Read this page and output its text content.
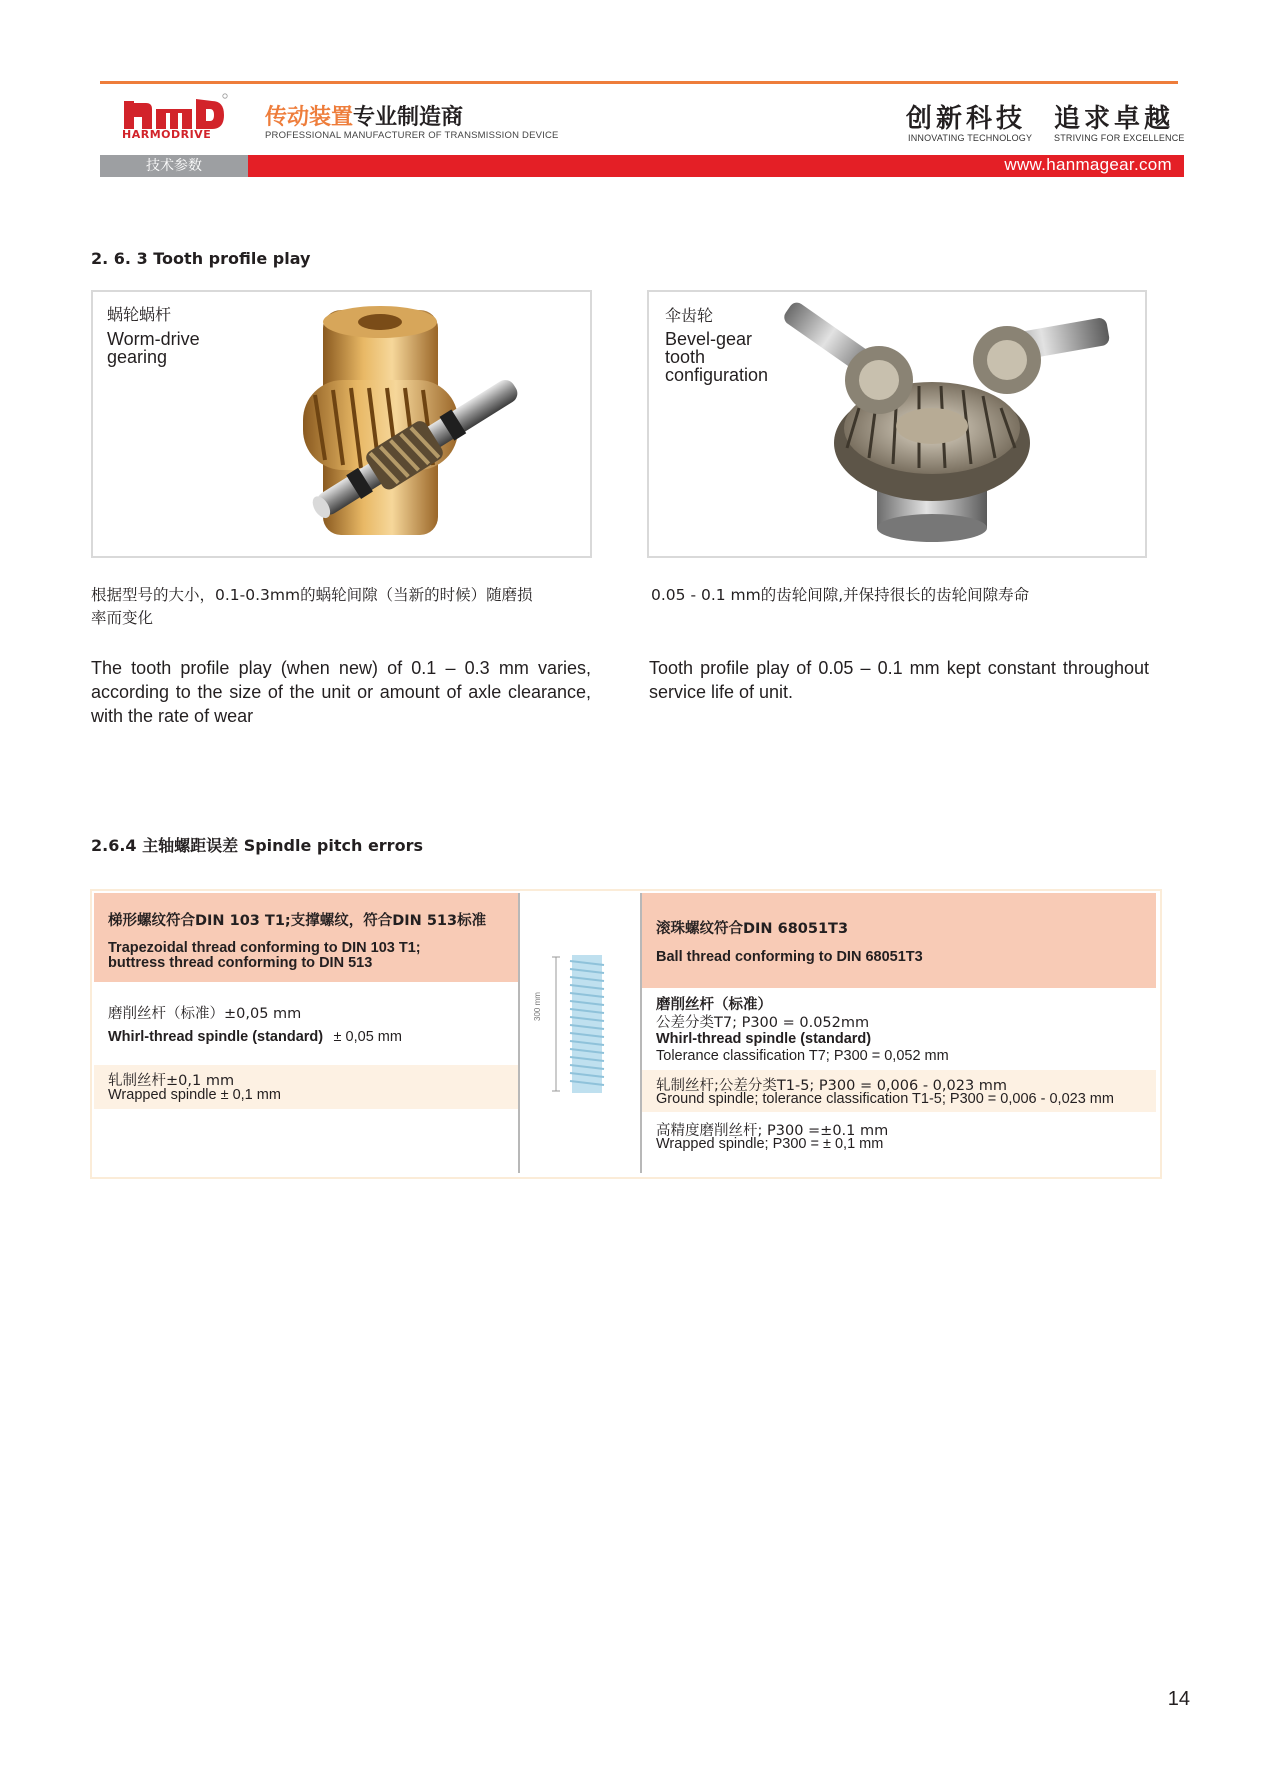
HARMODRIVE
传动装置专业制造商
PROFESSIONAL MANUFACTURER OF TRANSMISSION DEVICE
创新科技
INNOVATING TECHNOLOGY
追求卓越
STRIVING FOR EXCELLENCE
技术参数	www.hanmagear.com
2. 6. 3 Tooth profile play
蜗轮蜗杆
Worm-drive
gearing
伞齿轮
Bevel-gear
tooth
configuration
根据型号的大小，0.1-0.3mm的蜗轮间隙（当新的时候）随磨损
率而变化
The tooth profile play (when new) of 0.1 – 0.3 mm varies, according to the size of the unit or amount of axle clearance, with the rate of wear
0.05 - 0.1 mm的齿轮间隙,并保持很长的齿轮间隙寿命
Tooth profile play of 0.05 – 0.1 mm kept constant throughout service life of unit.
2.6.4 主轴螺距误差 Spindle pitch errors
梯形螺纹符合DIN 103 T1;支撑螺纹，符合DIN 513标准
Trapezoidal thread conforming to DIN 103 T1;
buttress thread conforming to DIN 513
磨削丝杆（标准）±0,05 mm
Whirl-thread spindle (standard) ± 0,05 mm
轧制丝杆±0,1 mm
Wrapped spindle ± 0,1 mm
300 mm
滚珠螺纹符合DIN 68051T3
Ball thread conforming to DIN 68051T3
磨削丝杆（标准）
公差分类T7; P300 = 0.052mm
Whirl-thread spindle (standard)
Tolerance classification T7; P300 = 0,052 mm
轧制丝杆;公差分类T1-5; P300 = 0,006 - 0,023 mm
Ground spindle; tolerance classification T1-5; P300 = 0,006 - 0,023 mm
高精度磨削丝杆; P300 =±0.1 mm
Wrapped spindle; P300 = ± 0,1 mm
14
